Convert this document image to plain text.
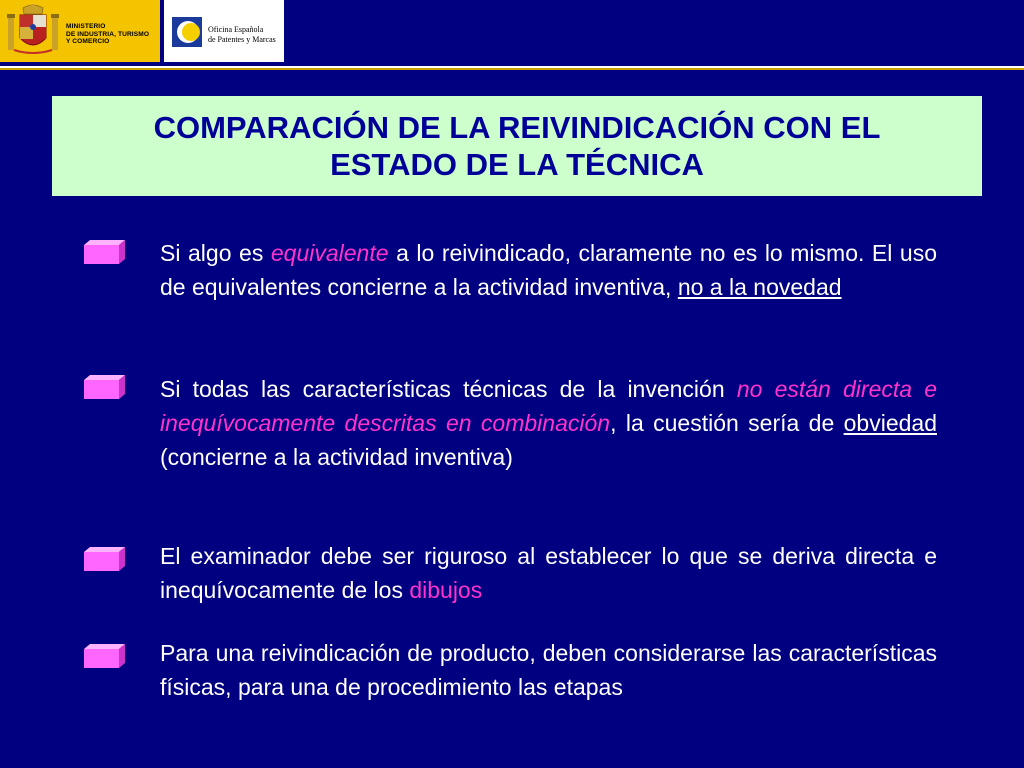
MINISTERIO
DE INDUSTRIA, TURISMO
Y COMERCIO
Oficina Española
de Patentes y Marcas
COMPARACIÓN DE LA REIVINDICACIÓN CON EL
ESTADO DE LA TÉCNICA
Si algo es equivalente a lo reivindicado, claramente no es lo mismo. El uso de equivalentes concierne a la actividad inventiva, no a la novedad
Si todas las características técnicas de la invención no están directa e inequívocamente descritas en combinación, la cuestión sería de obviedad (concierne a la actividad inventiva)
El examinador debe ser riguroso al establecer lo que se deriva directa e inequívocamente de los dibujos
Para una reivindicación de producto, deben considerarse las características físicas, para una de procedimiento las etapas
